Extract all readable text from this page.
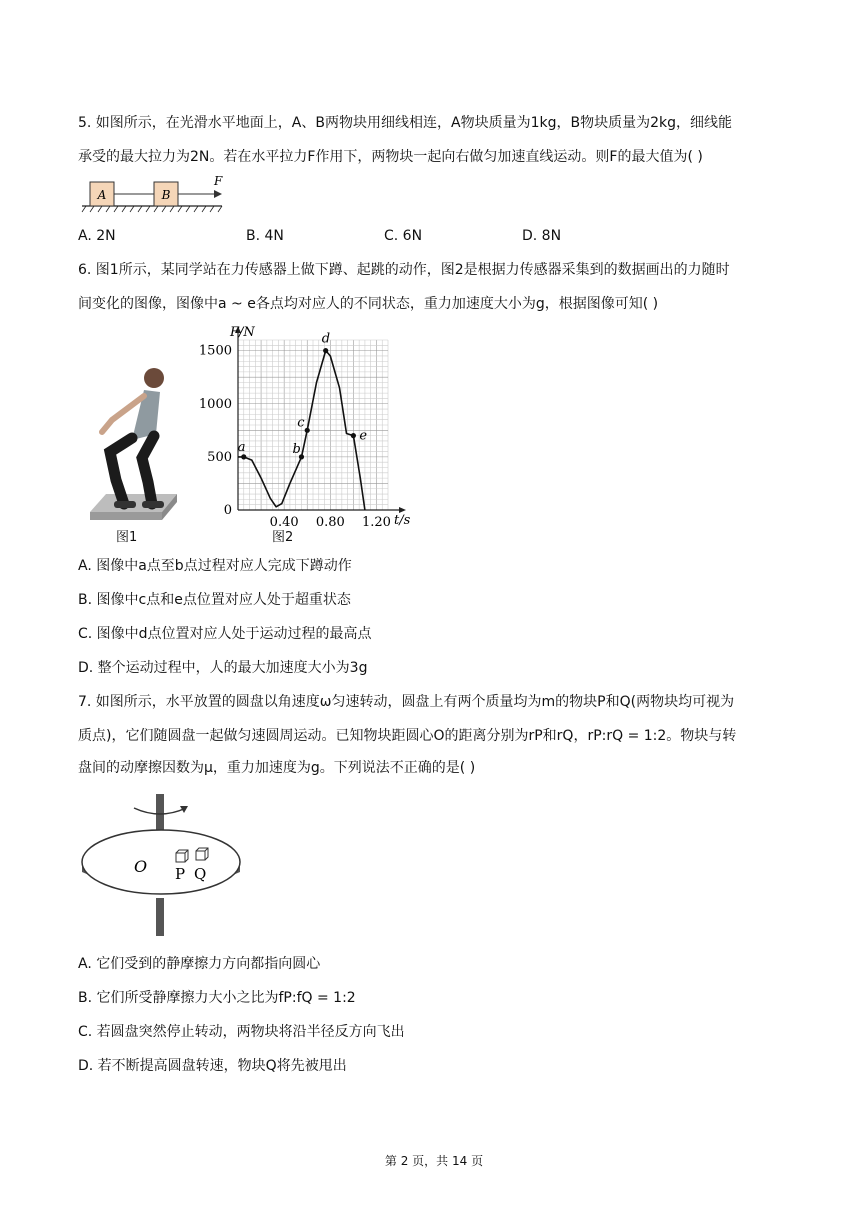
5. 如图所示，在光滑水平地面上，A、B两物块用细线相连，A物块质量为1kg，B物块质量为2kg，细线能
承受的最大拉力为2N。若在水平拉力F作用下，两物块一起向右做匀加速直线运动。则F的最大值为( )
A	B
F
A. 2N	B. 4N	C. 6N	D. 8N
6. 图1所示，某同学站在力传感器上做下蹲、起跳的动作，图2是根据力传感器采集到的数据画出的力随时
间变化的图像，图像中a ~ e各点均对应人的不同状态，重力加速度大小为g，根据图像可知( )
图1
0
500
1000
1500
0.40 0.80 1.20
a	b
c
d
e
F/N
t/s
图2
A. 图像中a点至b点过程对应人完成下蹲动作
B. 图像中c点和e点位置对应人处于超重状态
C. 图像中d点位置对应人处于运动过程的最高点
D. 整个运动过程中，人的最大加速度大小为3g
7. 如图所示，水平放置的圆盘以角速度ω匀速转动，圆盘上有两个质量均为m的物块P和Q(两物块均可视为
质点)，它们随圆盘一起做匀速圆周运动。已知物块距圆心O的距离分别为rP和rQ，rP:rQ = 1:2。物块与转
盘间的动摩擦因数为μ，重力加速度为g。下列说法不正确的是( )
O P Q
A. 它们受到的静摩擦力方向都指向圆心
B. 它们所受静摩擦力大小之比为fP:fQ = 1:2
C. 若圆盘突然停止转动，两物块将沿半径反方向飞出
D. 若不断提高圆盘转速，物块Q将先被甩出
第 2 页，共 14 页
